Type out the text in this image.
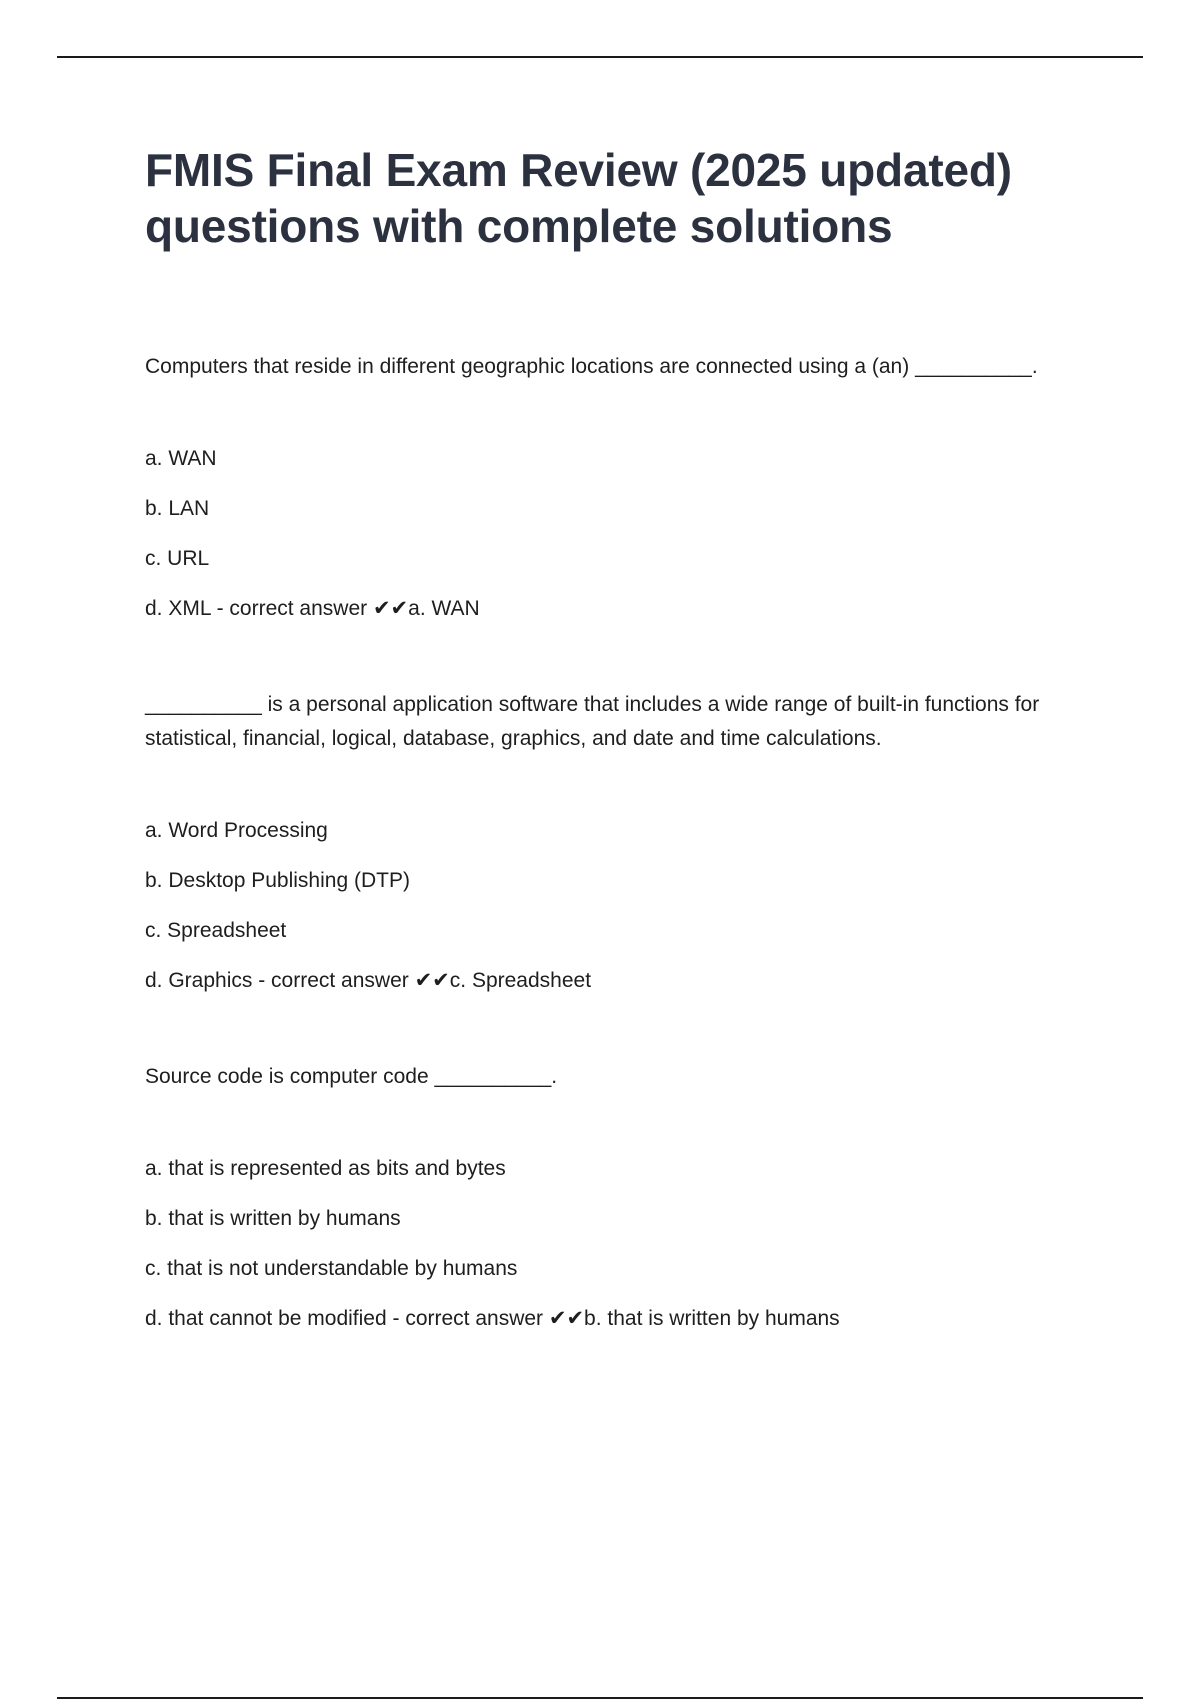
FMIS Final Exam Review (2025 updated) questions with complete solutions

Computers that reside in different geographic locations are connected using a (an) __________.

a. WAN
b. LAN
c. URL
d. XML - correct answer ✔✔a. WAN

__________ is a personal application software that includes a wide range of built-in functions for statistical, financial, logical, database, graphics, and date and time calculations.

a. Word Processing
b. Desktop Publishing (DTP)
c. Spreadsheet
d. Graphics - correct answer ✔✔c. Spreadsheet

Source code is computer code __________.

a. that is represented as bits and bytes
b. that is written by humans
c. that is not understandable by humans
d. that cannot be modified - correct answer ✔✔b. that is written by humans
